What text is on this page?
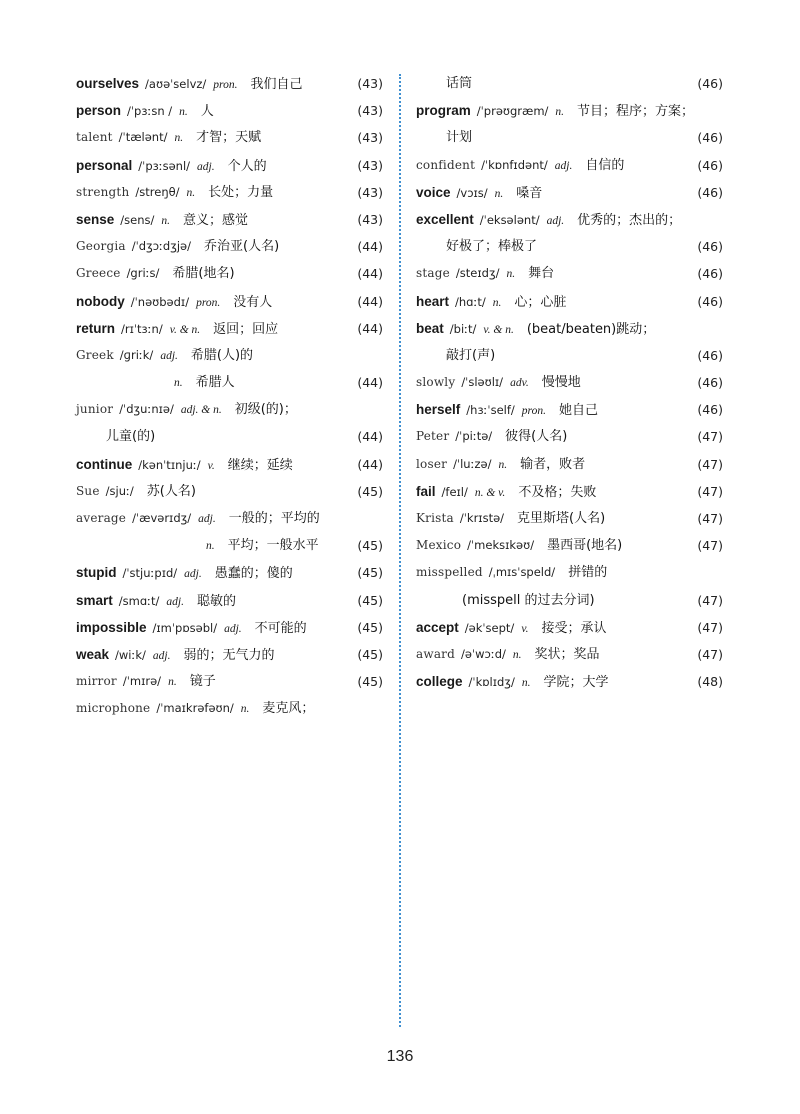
ourselves /aʊəˈselvz/ pron. 我们自己	(43)
person /ˈpɜːsn / n. 人	(43)
talent /ˈtælənt/ n. 才智；天赋	(43)
personal /ˈpɜːsənl/ adj. 个人的	(43)
strength /streŋθ/ n. 长处；力量	(43)
sense /sens/ n. 意义；感觉	(43)
Georgia /ˈdʒɔːdʒjə/ 乔治亚(人名)	(44)
Greece /griːs/ 希腊(地名)	(44)
nobody /ˈnəʊbədɪ/ pron. 没有人	(44)
return /rɪˈtɜːn/ v. & n. 返回；回应	(44)
Greek /ɡriːk/ adj. 希腊(人)的
n. 希腊人	(44)
junior /ˈdʒuːnɪə/ adj. & n. 初级(的)；
儿童(的)	(44)
continue /kənˈtɪnjuː/ v. 继续；延续	(44)
Sue /sjuː/ 苏(人名)	(45)
average /ˈævərɪdʒ/ adj. 一般的；平均的
n. 平均；一般水平	(45)
stupid /ˈstjuːpɪd/ adj. 愚蠢的；傻的	(45)
smart /smɑːt/ adj. 聪敏的	(45)
impossible /ɪmˈpɒsəbl/ adj. 不可能的	(45)
weak /wiːk/ adj. 弱的；无气力的	(45)
mirror /ˈmɪrə/ n. 镜子	(45)
microphone /ˈmaɪkrəfəʊn/ n. 麦克风；
话筒	(46)
program /ˈprəʊgræm/ n. 节目；程序；方案；
计划	(46)
confident /ˈkɒnfɪdənt/ adj. 自信的	(46)
voice /vɔɪs/ n. 嗓音	(46)
excellent /ˈeksələnt/ adj. 优秀的；杰出的；
好极了；棒极了	(46)
stage /steɪdʒ/ n. 舞台	(46)
heart /hɑːt/ n. 心；心脏	(46)
beat /biːt/ v. & n. (beat/beaten)跳动；
敲打(声)	(46)
slowly /ˈsləʊlɪ/ adv. 慢慢地	(46)
herself /hɜːˈself/ pron. 她自己	(46)
Peter /ˈpiːtə/ 彼得(人名)	(47)
loser /ˈluːzə/ n. 输者，败者	(47)
fail /feɪl/ n. & v. 不及格；失败	(47)
Krista /ˈkrɪstə/ 克里斯塔(人名)	(47)
Mexico /ˈmeksɪkəʊ/ 墨西哥(地名)	(47)
misspelled /ˌmɪsˈspeld/ 拼错的
(misspell 的过去分词)	(47)
accept /əkˈsept/ v. 接受；承认	(47)
award /əˈwɔːd/ n. 奖状；奖品	(47)
college /ˈkɒlɪdʒ/ n. 学院；大学	(48)
136
